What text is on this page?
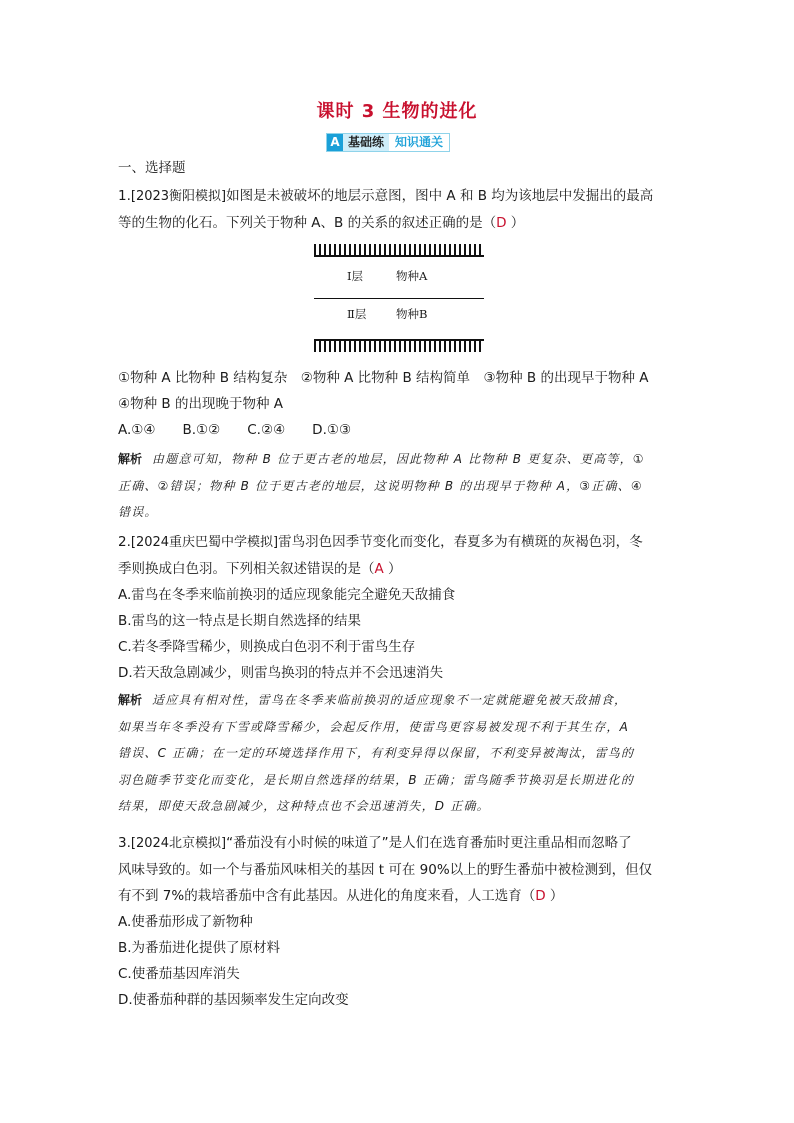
课时 3 生物的进化
A 基础练 知识通关
一、选择题
1.[2023衡阳模拟]如图是未被破坏的地层示意图，图中 A 和 B 均为该地层中发掘出的最高
等的生物的化石。下列关于物种 A、B 的关系的叙述正确的是（D ）
Ⅰ层	物种A
Ⅱ层	物种B
①物种 A 比物种 B 结构复杂　②物种 A 比物种 B 结构简单　③物种 B 的出现早于物种 A
④物种 B 的出现晚于物种 A
A.①④　　B.①②　　C.②④　　D.①③
解析 由题意可知，物种 B 位于更古老的地层，因此物种 A 比物种 B 更复杂、更高等，①
正确、②错误；物种 B 位于更古老的地层，这说明物种 B 的出现早于物种 A，③正确、④
错误。
2.[2024重庆巴蜀中学模拟]雷鸟羽色因季节变化而变化，春夏多为有横斑的灰褐色羽，冬
季则换成白色羽。下列相关叙述错误的是（A ）
A.雷鸟在冬季来临前换羽的适应现象能完全避免天敌捕食
B.雷鸟的这一特点是长期自然选择的结果
C.若冬季降雪稀少，则换成白色羽不利于雷鸟生存
D.若天敌急剧减少，则雷鸟换羽的特点并不会迅速消失
解析 适应具有相对性，雷鸟在冬季来临前换羽的适应现象不一定就能避免被天敌捕食，
如果当年冬季没有下雪或降雪稀少，会起反作用，使雷鸟更容易被发现不利于其生存，A
错误、C 正确；在一定的环境选择作用下，有利变异得以保留，不利变异被淘汰，雷鸟的
羽色随季节变化而变化，是长期自然选择的结果，B 正确；雷鸟随季节换羽是长期进化的
结果，即使天敌急剧减少，这种特点也不会迅速消失，D 正确。
3.[2024北京模拟]“番茄没有小时候的味道了”是人们在选育番茄时更注重品相而忽略了
风味导致的。如一个与番茄风味相关的基因 t 可在 90%以上的野生番茄中被检测到，但仅
有不到 7%的栽培番茄中含有此基因。从进化的角度来看，人工选育（D ）
A.使番茄形成了新物种
B.为番茄进化提供了原材料
C.使番茄基因库消失
D.使番茄种群的基因频率发生定向改变
